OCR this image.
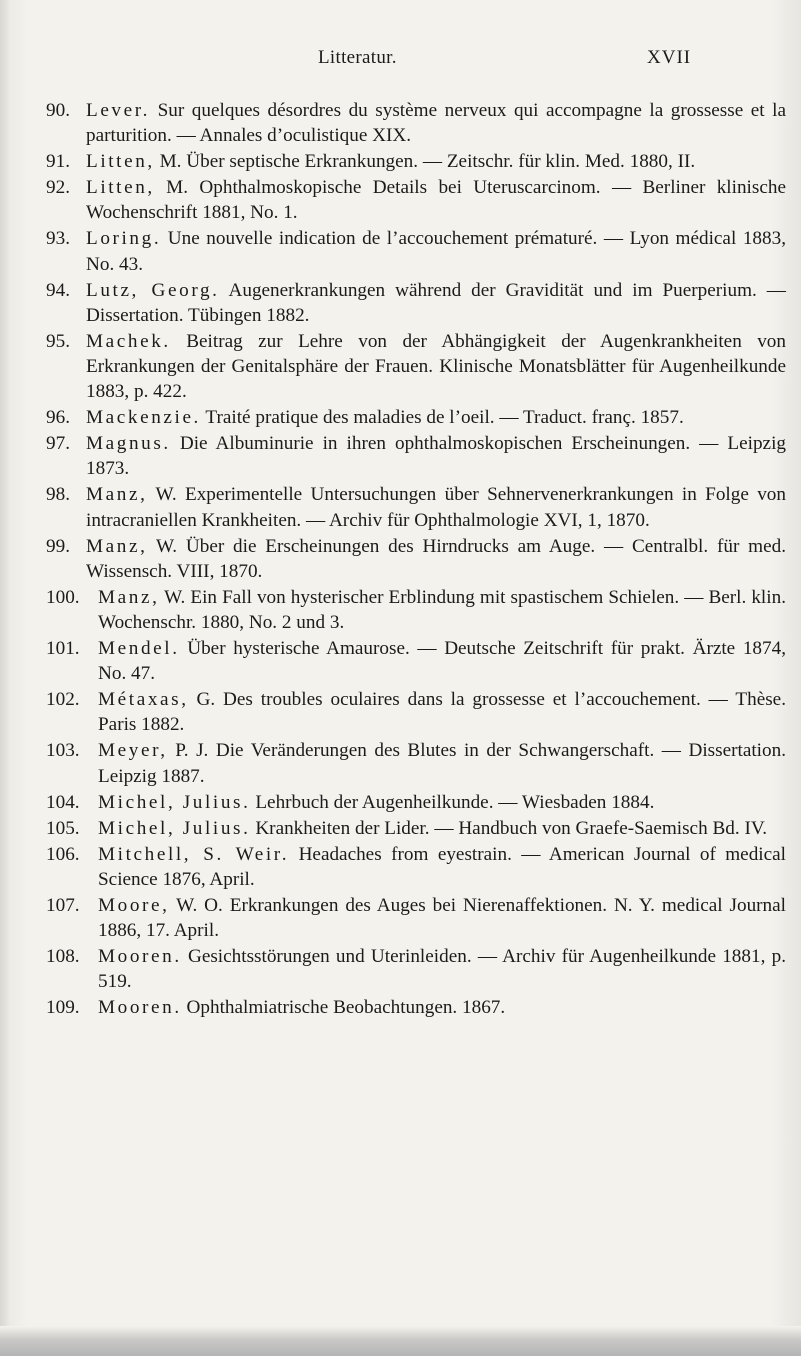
Litteratur.	XVII
90. Lever. Sur quelques désordres du système nerveux qui accompagne la grossesse et la parturition. — Annales d’oculistique XIX.
91. Litten, M. Über septische Erkrankungen. — Zeitschr. für klin. Med. 1880, II.
92. Litten, M. Ophthalmoskopische Details bei Uteruscarcinom. — Berliner klinische Wochenschrift 1881, No. 1.
93. Loring. Une nouvelle indication de l’accouchement prématuré. — Lyon médical 1883, No. 43.
94. Lutz, Georg. Augenerkrankungen während der Gravidität und im Puerperium. — Dissertation. Tübingen 1882.
95. Machek. Beitrag zur Lehre von der Abhängigkeit der Augenkrankheiten von Erkrankungen der Genitalsphäre der Frauen. Klinische Monatsblätter für Augenheilkunde 1883, p. 422.
96. Mackenzie. Traité pratique des maladies de l’oeil. — Traduct. franç. 1857.
97. Magnus. Die Albuminurie in ihren ophthalmoskopischen Erscheinungen. — Leipzig 1873.
98. Manz, W. Experimentelle Untersuchungen über Sehnervenerkrankungen in Folge von intracraniellen Krankheiten. — Archiv für Ophthalmologie XVI, 1, 1870.
99. Manz, W. Über die Erscheinungen des Hirndrucks am Auge. — Centralbl. für med. Wissensch. VIII, 1870.
100. Manz, W. Ein Fall von hysterischer Erblindung mit spastischem Schielen. — Berl. klin. Wochenschr. 1880, No. 2 und 3.
101. Mendel. Über hysterische Amaurose. — Deutsche Zeitschrift für prakt. Ärzte 1874, No. 47.
102. Métaxas, G. Des troubles oculaires dans la grossesse et l’accouchement. — Thèse. Paris 1882.
103. Meyer, P. J. Die Veränderungen des Blutes in der Schwangerschaft. — Dissertation. Leipzig 1887.
104. Michel, Julius. Lehrbuch der Augenheilkunde. — Wiesbaden 1884.
105. Michel, Julius. Krankheiten der Lider. — Handbuch von Graefe-Saemisch Bd. IV.
106. Mitchell, S. Weir. Headaches from eyestrain. — American Journal of medical Science 1876, April.
107. Moore, W. O. Erkrankungen des Auges bei Nierenaffektionen. N. Y. medical Journal 1886, 17. April.
108. Mooren. Gesichtsstörungen und Uterinleiden. — Archiv für Augenheilkunde 1881, p. 519.
109. Mooren. Ophthalmiatrische Beobachtungen. 1867.
